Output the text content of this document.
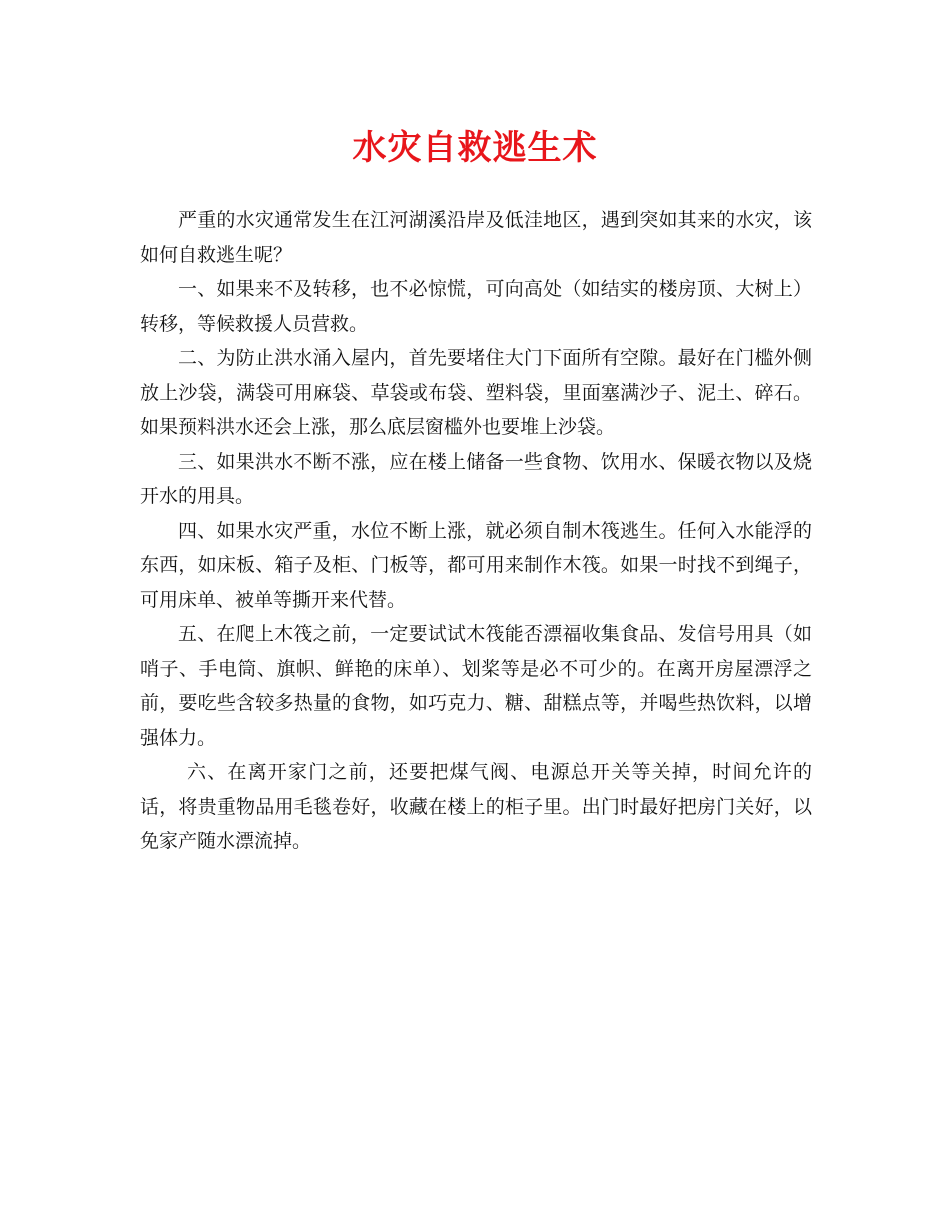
水灾自救逃生术

严重的水灾通常发生在江河湖溪沿岸及低洼地区，遇到突如其来的水灾，该如何自救逃生呢？

一、如果来不及转移，也不必惊慌，可向高处（如结实的楼房顶、大树上）转移，等候救援人员营救。

二、为防止洪水涌入屋内，首先要堵住大门下面所有空隙。最好在门槛外侧放上沙袋，满袋可用麻袋、草袋或布袋、塑料袋，里面塞满沙子、泥土、碎石。如果预料洪水还会上涨，那么底层窗槛外也要堆上沙袋。

三、如果洪水不断不涨，应在楼上储备一些食物、饮用水、保暖衣物以及烧开水的用具。

四、如果水灾严重，水位不断上涨，就必须自制木筏逃生。任何入水能浮的东西，如床板、箱子及柜、门板等，都可用来制作木筏。如果一时找不到绳子，可用床单、被单等撕开来代替。

五、在爬上木筏之前，一定要试试木筏能否漂福收集食品、发信号用具（如哨子、手电筒、旗帜、鲜艳的床单）、划桨等是必不可少的。在离开房屋漂浮之前，要吃些含较多热量的食物，如巧克力、糖、甜糕点等，并喝些热饮料，以增强体力。

六、在离开家门之前，还要把煤气阀、电源总开关等关掉，时间允许的话，将贵重物品用毛毯卷好，收藏在楼上的柜子里。出门时最好把房门关好，以免家产随水漂流掉。
